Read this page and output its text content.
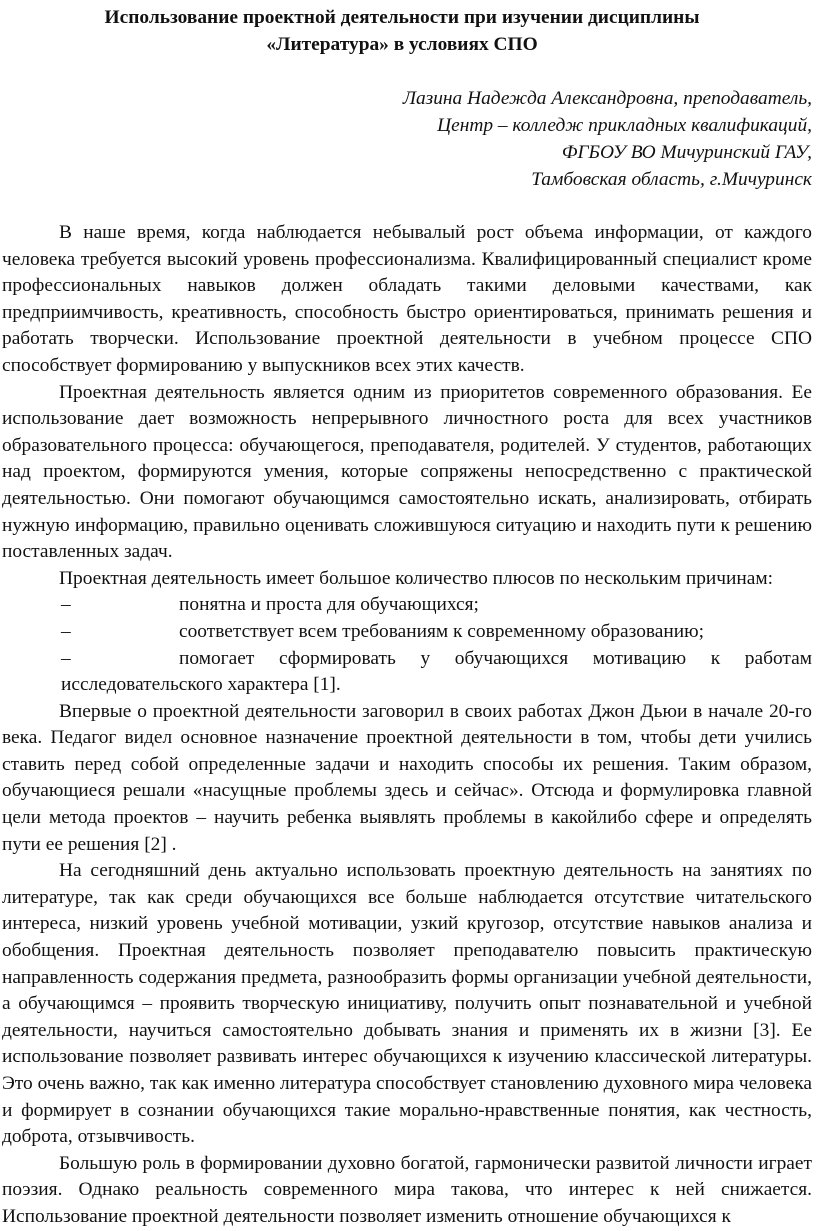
Использование проектной деятельности при изучении дисциплины
«Литература» в условиях СПО
Лазина Надежда Александровна, преподаватель,
Центр – колледж прикладных квалификаций,
ФГБОУ ВО Мичуринский ГАУ,
Тамбовская область, г.Мичуринск

В наше время, когда наблюдается небывалый рост объема информации, от каждого человека требуется высокий уровень профессионализма. Квалифицированный специалист кроме профессиональных навыков должен обладать такими деловыми качествами, как предприимчивость, креативность, способность быстро ориентироваться, принимать решения и работать творчески. Использование проектной деятельности в учебном процессе СПО способствует формированию у выпускников всех этих качеств.

Проектная деятельность является одним из приоритетов современного образования. Ее использование дает возможность непрерывного личностного роста для всех участников образовательного процесса: обучающегося, преподавателя, родителей. У студентов, работающих над проектом, формируются умения, которые сопряжены непосредственно с практической деятельностью. Они помогают обучающимся самостоятельно искать, анализировать, отбирать нужную информацию, правильно оценивать сложившуюся ситуацию и находить пути к решению поставленных задач.

Проектная деятельность имеет большое количество плюсов по нескольким причинам:

–	понятна и проста для обучающихся;
–	соответствует всем требованиям к современному образованию;
–	помогает сформировать у обучающихся мотивацию к работам исследовательского характера [1].

Впервые о проектной деятельности заговорил в своих работах Джон Дьюи в начале 20-го века. Педагог видел основное назначение проектной деятельности в том, чтобы дети учились ставить перед собой определенные задачи и находить способы их решения. Таким образом, обучающиеся решали «насущные проблемы здесь и сейчас». Отсюда и формулировка главной цели метода проектов – научить ребенка выявлять проблемы в какойлибо сфере и определять пути ее решения [2] .

На сегодняшний день актуально использовать проектную деятельность на занятиях по литературе, так как среди обучающихся все больше наблюдается отсутствие читательского интереса, низкий уровень учебной мотивации, узкий кругозор, отсутствие навыков анализа и обобщения. Проектная деятельность позволяет преподавателю повысить практическую направленность содержания предмета, разнообразить формы организации учебной деятельности, а обучающимся – проявить творческую инициативу, получить опыт познавательной и учебной деятельности, научиться самостоятельно добывать знания и применять их в жизни [3]. Ее использование позволяет развивать интерес обучающихся к изучению классической литературы. Это очень важно, так как именно литература способствует становлению духовного мира человека и формирует в сознании обучающихся такие морально-нравственные понятия, как честность, доброта, отзывчивость.

Большую роль в формировании духовно богатой, гармонически развитой личности играет поэзия. Однако реальность современного мира такова, что интерес к ней снижается. Использование проектной деятельности позволяет изменить отношение обучающихся к
